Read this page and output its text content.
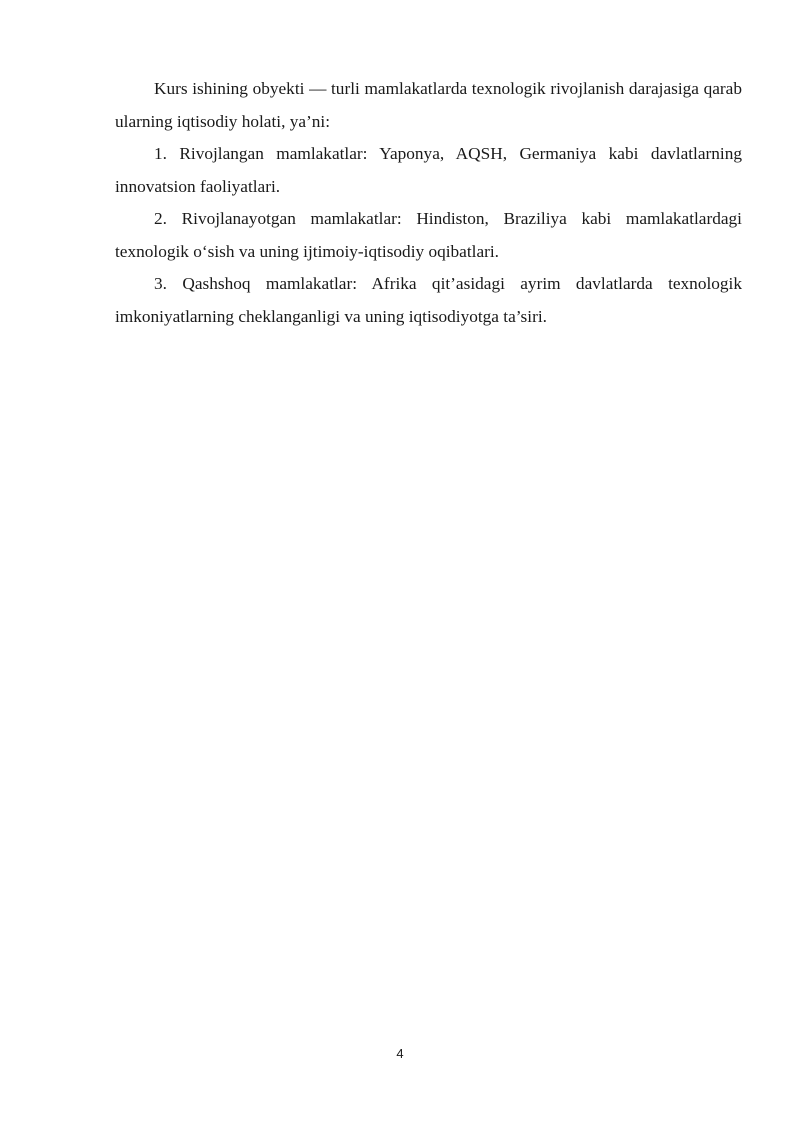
Kurs ishining obyekti — turli mamlakatlarda texnologik rivojlanish darajasiga qarab ularning iqtisodiy holati, ya’ni:

1. Rivojlangan mamlakatlar: Yaponya, AQSH, Germaniya kabi davlatlarning innovatsion faoliyatlari.

2. Rivojlanayotgan mamlakatlar: Hindiston, Braziliya kabi mamlakatlardagi texnologik o‘sish va uning ijtimoiy-iqtisodiy oqibatlari.

3. Qashshoq mamlakatlar: Afrika qit’asidagi ayrim davlatlarda texnologik imkoniyatlarning cheklanganligi va uning iqtisodiyotga ta’siri.

4
